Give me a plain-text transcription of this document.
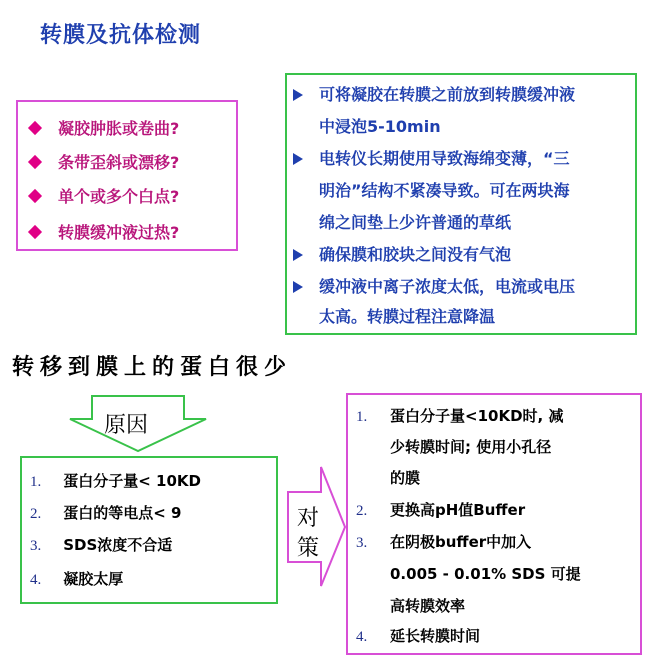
转膜及抗体检测
凝胶肿胀或卷曲?
条带歪斜或漂移?
单个或多个白点?
转膜缓冲液过热?
可将凝胶在转膜之前放到转膜缓冲液
中浸泡5-10min
电转仪长期使用导致海绵变薄，“三
明治”结构不紧凑导致。可在两块海
绵之间垫上少许普通的草纸
确保膜和胶块之间没有气泡
缓冲液中离子浓度太低，电流或电压
太高。转膜过程注意降温
转移到膜上的蛋白很少
原因
1. 蛋白分子量< 10KD
2. 蛋白的等电点< 9
3. SDS浓度不合适
4. 凝胶太厚
对
策
1.	蛋白分子量<10KD时, 减
少转膜时间; 使用小孔径
的膜
2.	更换高pH值Buffer
3.	在阴极buffer中加入
0.005 - 0.01% SDS 可提
高转膜效率
4.	延长转膜时间
